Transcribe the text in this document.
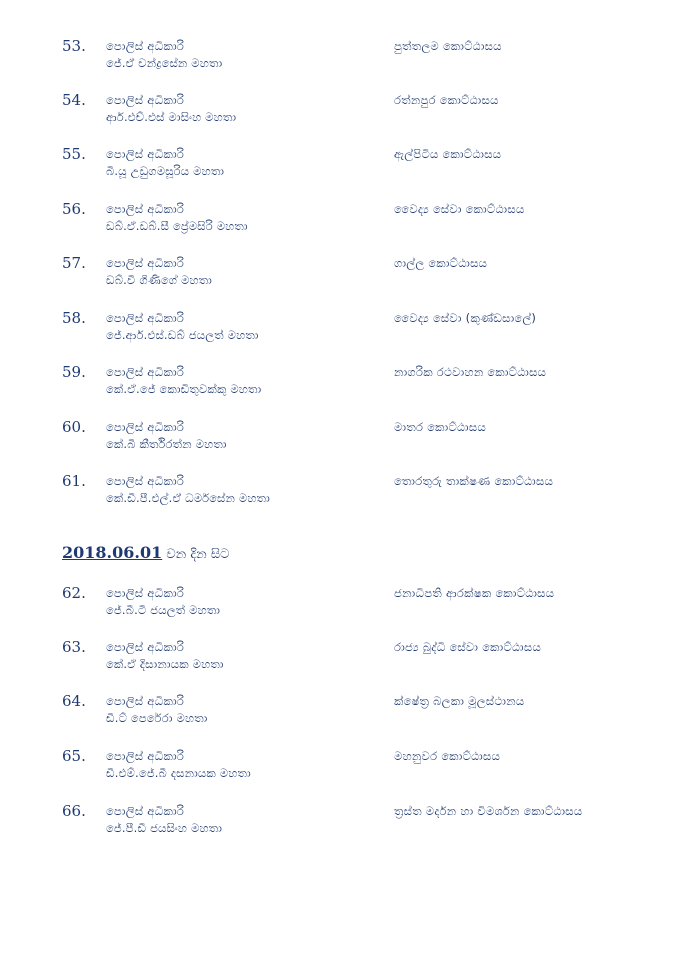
53. පොලිස් අධිකාරි
ජේ.ඒ චන්ද්‍රසේන මහතා
පුත්තලම කොට්ඨාසය
54. පොලිස් අධිකාරි
ආර්.එච්.එස් මාසිංහ මහතා
රත්නපුර කොට්ඨාසය
55. පොලිස් අධිකාරි
බී.යූ උඩුගමසූරිය මහතා
ඇල්පිටිය කොට්ඨාසය
56. පොලිස් අධිකාරි
ඩබ්.ඒ.ඩබ්.සී ප්‍රේමසිරි මහතා
වෛද්‍ය සේවා කොට්ඨාසය
57. පොලිස් අධිකාරි
ඩබ්.වී ගිණිගේ මහතා
ගාල්ල කොට්ඨාසය
58. පොලිස් අධිකාරි
ජේ.ආර්.එස්.ඩබ් ජයලත් මහතා
වෛද්‍ය සේවා (කුණ්ඩසාලේ)
59. පොලිස් අධිකාරි
කේ.ඒ.ජේ කොඩිතුවක්කු මහතා
නාගරික රථවාහන කොට්ඨාසය
60. පොලිස් අධිකාරි
කේ.බී කීර්තිරත්න මහතා
මාතර කොට්ඨාසය
61. පොලිස් අධිකාරි
කේ.ඩී.පී.එල්.ඒ ධර්මසේන මහතා
තොරතුරු තාක්ෂණ කොට්ඨාසය
2018.06.01 වන දින සිට
62. පොලිස් අධිකාරි
ජේ.බී.ටී ජයලත් මහතා
ජනාධිපති ආරක්ෂක කොට්ඨාසය
63. පොලිස් අධිකාරි
කේ.ඒ දිසානායක මහතා
රාජ්‍ය බුද්ධි සේවා කොට්ඨාසය
64. පොලිස් අධිකාරි
ඩී.ට් පෙරේරා මහතා
ක්ෂේත්‍ර බලකා මූලස්ථානය
65. පොලිස් අධිකාරි
ඩී.එම්.ජේ.බී දසනායක මහතා
මහනුවර කොට්ඨාසය
66. පොලිස් අධිකාරි
ජේ.පී.ඩී ජයසිංහ මහතා
ත්‍රස්ත මර්දන හා විමර්ශන කොට්ඨාසය
